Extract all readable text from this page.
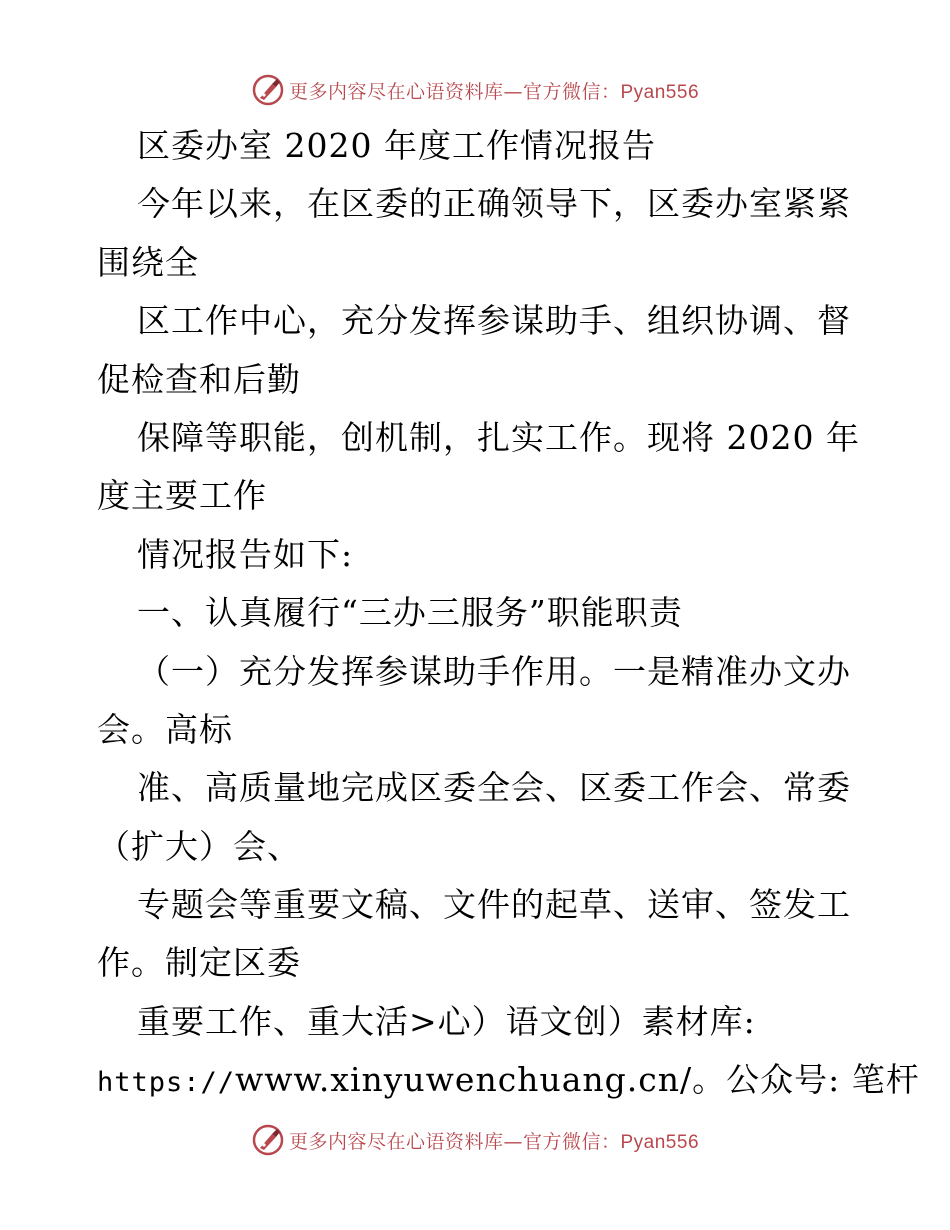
更多内容尽在心语资料库—官方微信：Pyan556
区委办室 2020 年度工作情况报告
今年以来，在区委的正确领导下，区委办室紧紧
围绕全
区工作中心，充分发挥参谋助手、组织协调、督
促检查和后勤
保障等职能，创机制，扎实工作。现将 2020 年
度主要工作
情况报告如下:
一、认真履行“三办三服务”职能职责
（一）充分发挥参谋助手作用。一是精准办文办
会。高标
准、高质量地完成区委全会、区委工作会、常委
（扩大）会、
专题会等重要文稿、文件的起草、送审、签发工
作。制定区委
重要工作、重大活>心）语文创）素材库:
https://www.xinyuwenchuang.cn/。公众号: 笔杆
更多内容尽在心语资料库—官方微信：Pyan556
